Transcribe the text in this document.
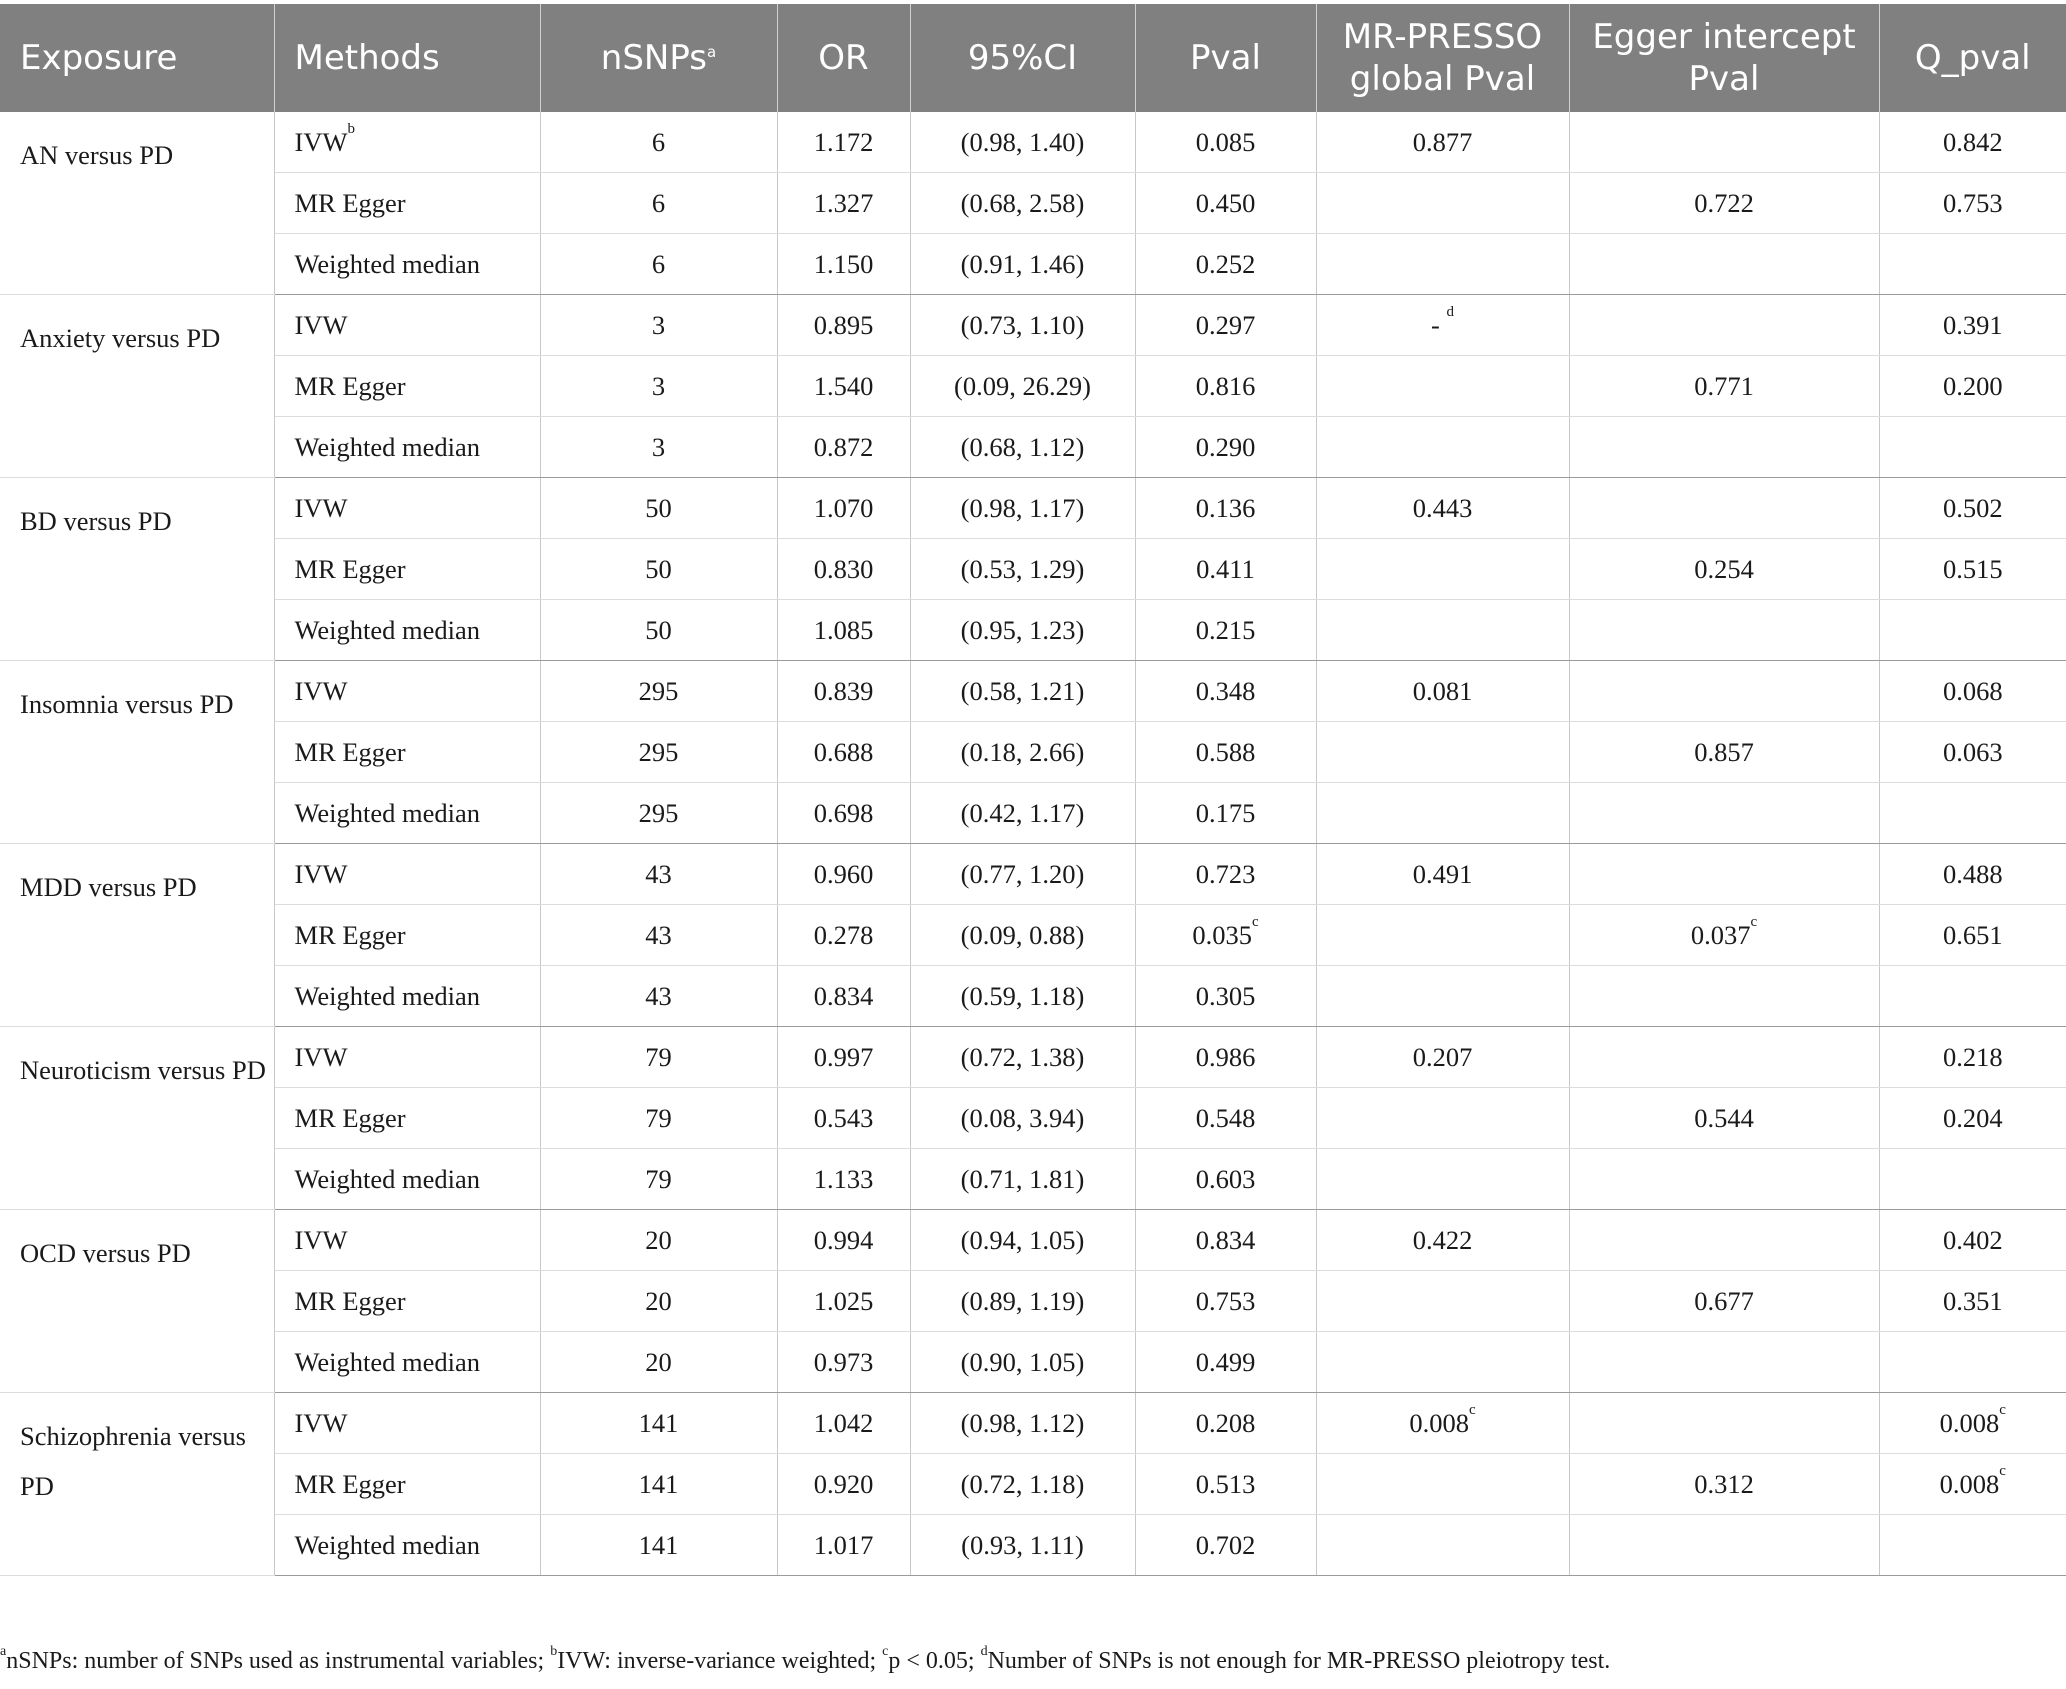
Exposure	Methods	nSNPs$^a$	OR	95%CI	Pval	MR-PRESSO global Pval	Egger intercept Pval	Q_pval
AN versus PD	IVW$^b$	6	1.172	(0.98, 1.40)	0.085	0.877		0.842
	MR Egger	6	1.327	(0.68, 2.58)	0.450		0.722	0.753
	Weighted median	6	1.150	(0.91, 1.46)	0.252			
Anxiety versus PD	IVW	3	0.895	(0.73, 1.10)	0.297	- $^d$		0.391
	MR Egger	3	1.540	(0.09, 26.29)	0.816		0.771	0.200
	Weighted median	3	0.872	(0.68, 1.12)	0.290			
BD versus PD	IVW	50	1.070	(0.98, 1.17)	0.136	0.443		0.502
	MR Egger	50	0.830	(0.53, 1.29)	0.411		0.254	0.515
	Weighted median	50	1.085	(0.95, 1.23)	0.215			
Insomnia versus PD	IVW	295	0.839	(0.58, 1.21)	0.348	0.081		0.068
	MR Egger	295	0.688	(0.18, 2.66)	0.588		0.857	0.063
	Weighted median	295	0.698	(0.42, 1.17)	0.175			
MDD versus PD	IVW	43	0.960	(0.77, 1.20)	0.723	0.491		0.488
	MR Egger	43	0.278	(0.09, 0.88)	0.035$^c$		0.037$^c$	0.651
	Weighted median	43	0.834	(0.59, 1.18)	0.305			
Neuroticism versus PD	IVW	79	0.997	(0.72, 1.38)	0.986	0.207		0.218
	MR Egger	79	0.543	(0.08, 3.94)	0.548		0.544	0.204
	Weighted median	79	1.133	(0.71, 1.81)	0.603			
OCD versus PD	IVW	20	0.994	(0.94, 1.05)	0.834	0.422		0.402
	MR Egger	20	1.025	(0.89, 1.19)	0.753		0.677	0.351
	Weighted median	20	0.973	(0.90, 1.05)	0.499			
Schizophrenia versus PD	IVW	141	1.042	(0.98, 1.12)	0.208	0.008$^c$		0.008$^c$
	MR Egger	141	0.920	(0.72, 1.18)	0.513		0.312	0.008$^c$
	Weighted median	141	1.017	(0.93, 1.11)	0.702			
$^a$nSNPs: number of SNPs used as instrumental variables; $^b$IVW: inverse-variance weighted; $^c$p < 0.05; $^d$Number of SNPs is not enough for MR-PRESSO pleiotropy test.
